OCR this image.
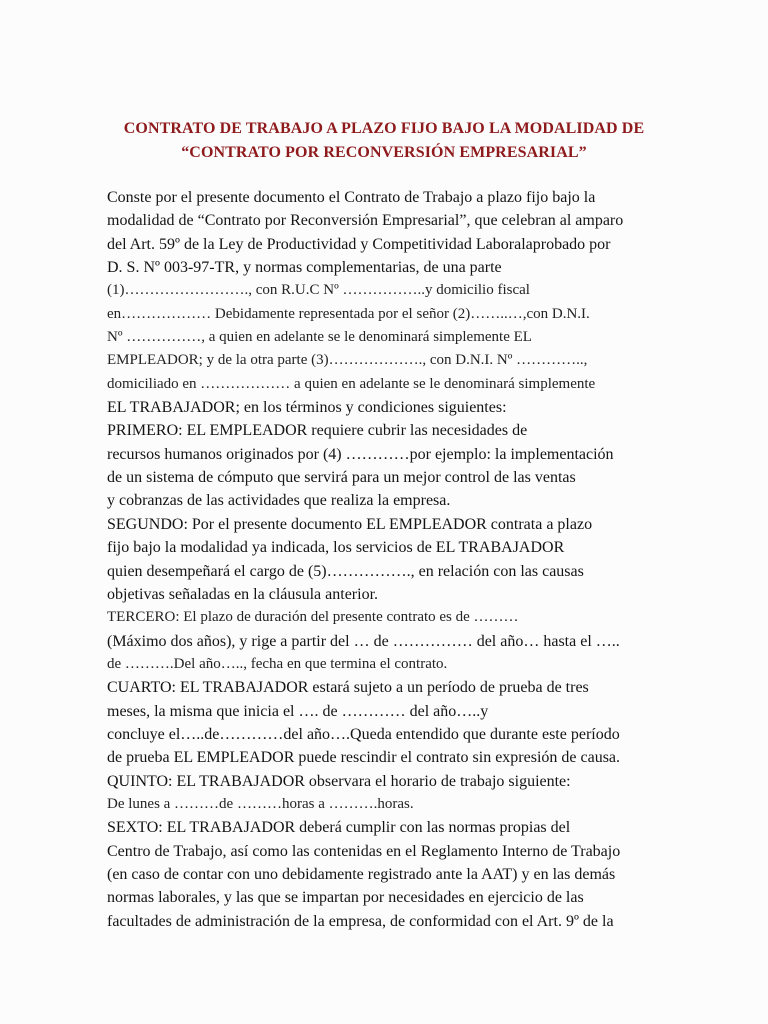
CONTRATO DE TRABAJO A PLAZO FIJO BAJO LA MODALIDAD DE
“CONTRATO POR RECONVERSIÓN EMPRESARIAL”
Conste por el presente documento el Contrato de Trabajo a plazo fijo bajo la
modalidad de “Contrato por Reconversión Empresarial”, que celebran al amparo
del Art. 59º de la Ley de Productividad y Competitividad Laboralaprobado por
D. S. Nº 003-97-TR, y normas complementarias, de una parte
(1)……………………., con R.U.C Nº ……………..y domicilio fiscal
en……………… Debidamente representada por el señor (2)……..…,con D.N.I.
Nº ……………, a quien en adelante se le denominará simplemente EL
EMPLEADOR; y de la otra parte (3)………………., con D.N.I. Nº …………..,
domiciliado en ……………… a quien en adelante se le denominará simplemente
EL TRABAJADOR; en los términos y condiciones siguientes:
PRIMERO: EL EMPLEADOR requiere cubrir las necesidades de
recursos humanos originados por (4) …………por ejemplo: la implementación
de un sistema de cómputo que servirá para un mejor control de las ventas
y cobranzas de las actividades que realiza la empresa.
SEGUNDO: Por el presente documento EL EMPLEADOR contrata a plazo
fijo bajo la modalidad ya indicada, los servicios de EL TRABAJADOR
quien desempeñará el cargo de (5)……………., en relación con las causas
objetivas señaladas en la cláusula anterior.
TERCERO: El plazo de duración del presente contrato es de ………
(Máximo dos años), y rige a partir del … de …………… del año… hasta el …..
de ……….Del año….., fecha en que termina el contrato.
CUARTO: EL TRABAJADOR estará sujeto a un período de prueba de tres
meses, la misma que inicia el …. de ………… del año…..y
concluye el…..de…………del año….Queda entendido que durante este período
de prueba EL EMPLEADOR puede rescindir el contrato sin expresión de causa.
QUINTO: EL TRABAJADOR observara el horario de trabajo siguiente:
De lunes a ………de ………horas a ……….horas.
SEXTO: EL TRABAJADOR deberá cumplir con las normas propias del
Centro de Trabajo, así como las contenidas en el Reglamento Interno de Trabajo
(en caso de contar con uno debidamente registrado ante la AAT) y en las demás
normas laborales, y las que se impartan por necesidades en ejercicio de las
facultades de administración de la empresa, de conformidad con el Art. 9º de la
